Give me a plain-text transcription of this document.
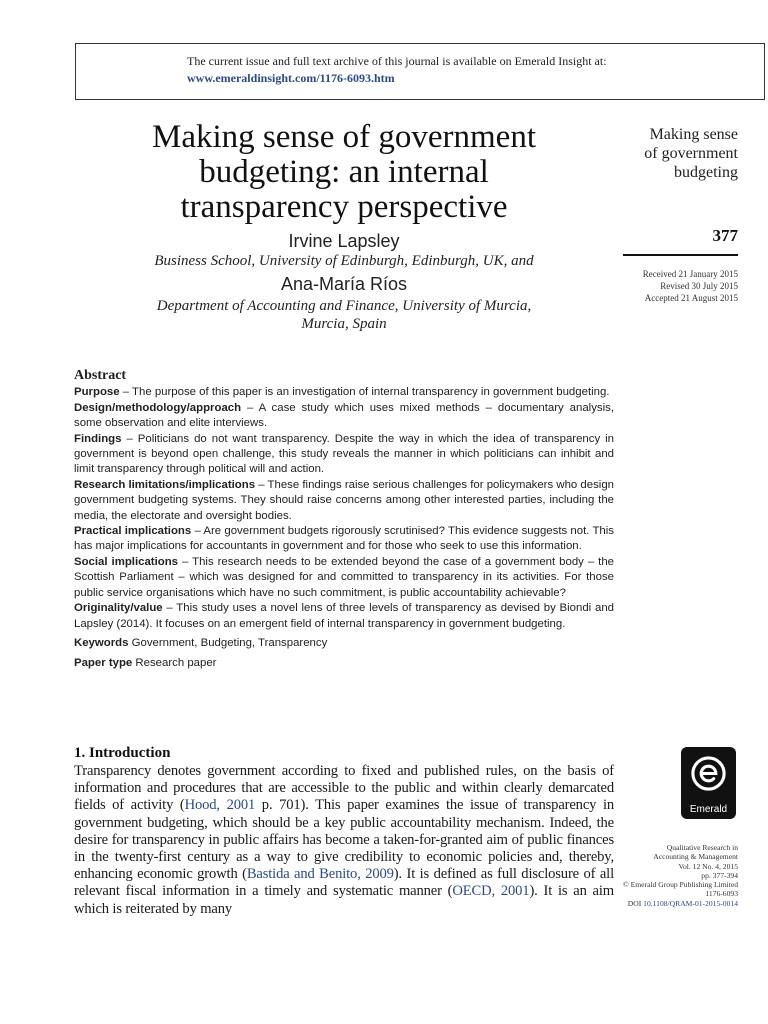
The current issue and full text archive of this journal is available on Emerald Insight at:
www.emeraldinsight.com/1176-6093.htm
Making sense of government
budgeting: an internal
transparency perspective
Irvine Lapsley
Business School, University of Edinburgh, Edinburgh, UK, and
Ana-María Ríos
Department of Accounting and Finance, University of Murcia,
Murcia, Spain
Making sense
of government
budgeting
377
Received 21 January 2015
Revised 30 July 2015
Accepted 21 August 2015
Abstract

Purpose – The purpose of this paper is an investigation of internal transparency in government budgeting.

Design/methodology/approach – A case study which uses mixed methods – documentary analysis, some observation and elite interviews.

Findings – Politicians do not want transparency. Despite the way in which the idea of transparency in government is beyond open challenge, this study reveals the manner in which politicians can inhibit and limit transparency through political will and action.

Research limitations/implications – These findings raise serious challenges for policymakers who design government budgeting systems. They should raise concerns among other interested parties, including the media, the electorate and oversight bodies.

Practical implications – Are government budgets rigorously scrutinised? This evidence suggests not. This has major implications for accountants in government and for those who seek to use this information.

Social implications – This research needs to be extended beyond the case of a government body – the Scottish Parliament – which was designed for and committed to transparency in its activities. For those public service organisations which have no such commitment, is public accountability achievable?

Originality/value – This study uses a novel lens of three levels of transparency as devised by Biondi and Lapsley (2014). It focuses on an emergent field of internal transparency in government budgeting.

Keywords Government, Budgeting, Transparency

Paper type Research paper

1. Introduction
Transparency denotes government according to fixed and published rules, on the basis of information and procedures that are accessible to the public and within clearly demarcated fields of activity (Hood, 2001 p. 701). This paper examines the issue of transparency in government budgeting, which should be a key public accountability mechanism. Indeed, the desire for transparency in public affairs has become a taken-for-granted aim of public finances in the twenty-first century as a way to give credibility to economic policies and, thereby, enhancing economic growth (Bastida and Benito, 2009). It is defined as full disclosure of all relevant fiscal information in a timely and systematic manner (OECD, 2001). It is an aim which is reiterated by many
Emerald
Qualitative Research in
Accounting & Management
Vol. 12 No. 4, 2015
pp. 377-394
© Emerald Group Publishing Limited
1176-6093
DOI 10.1108/QRAM-01-2015-0014
